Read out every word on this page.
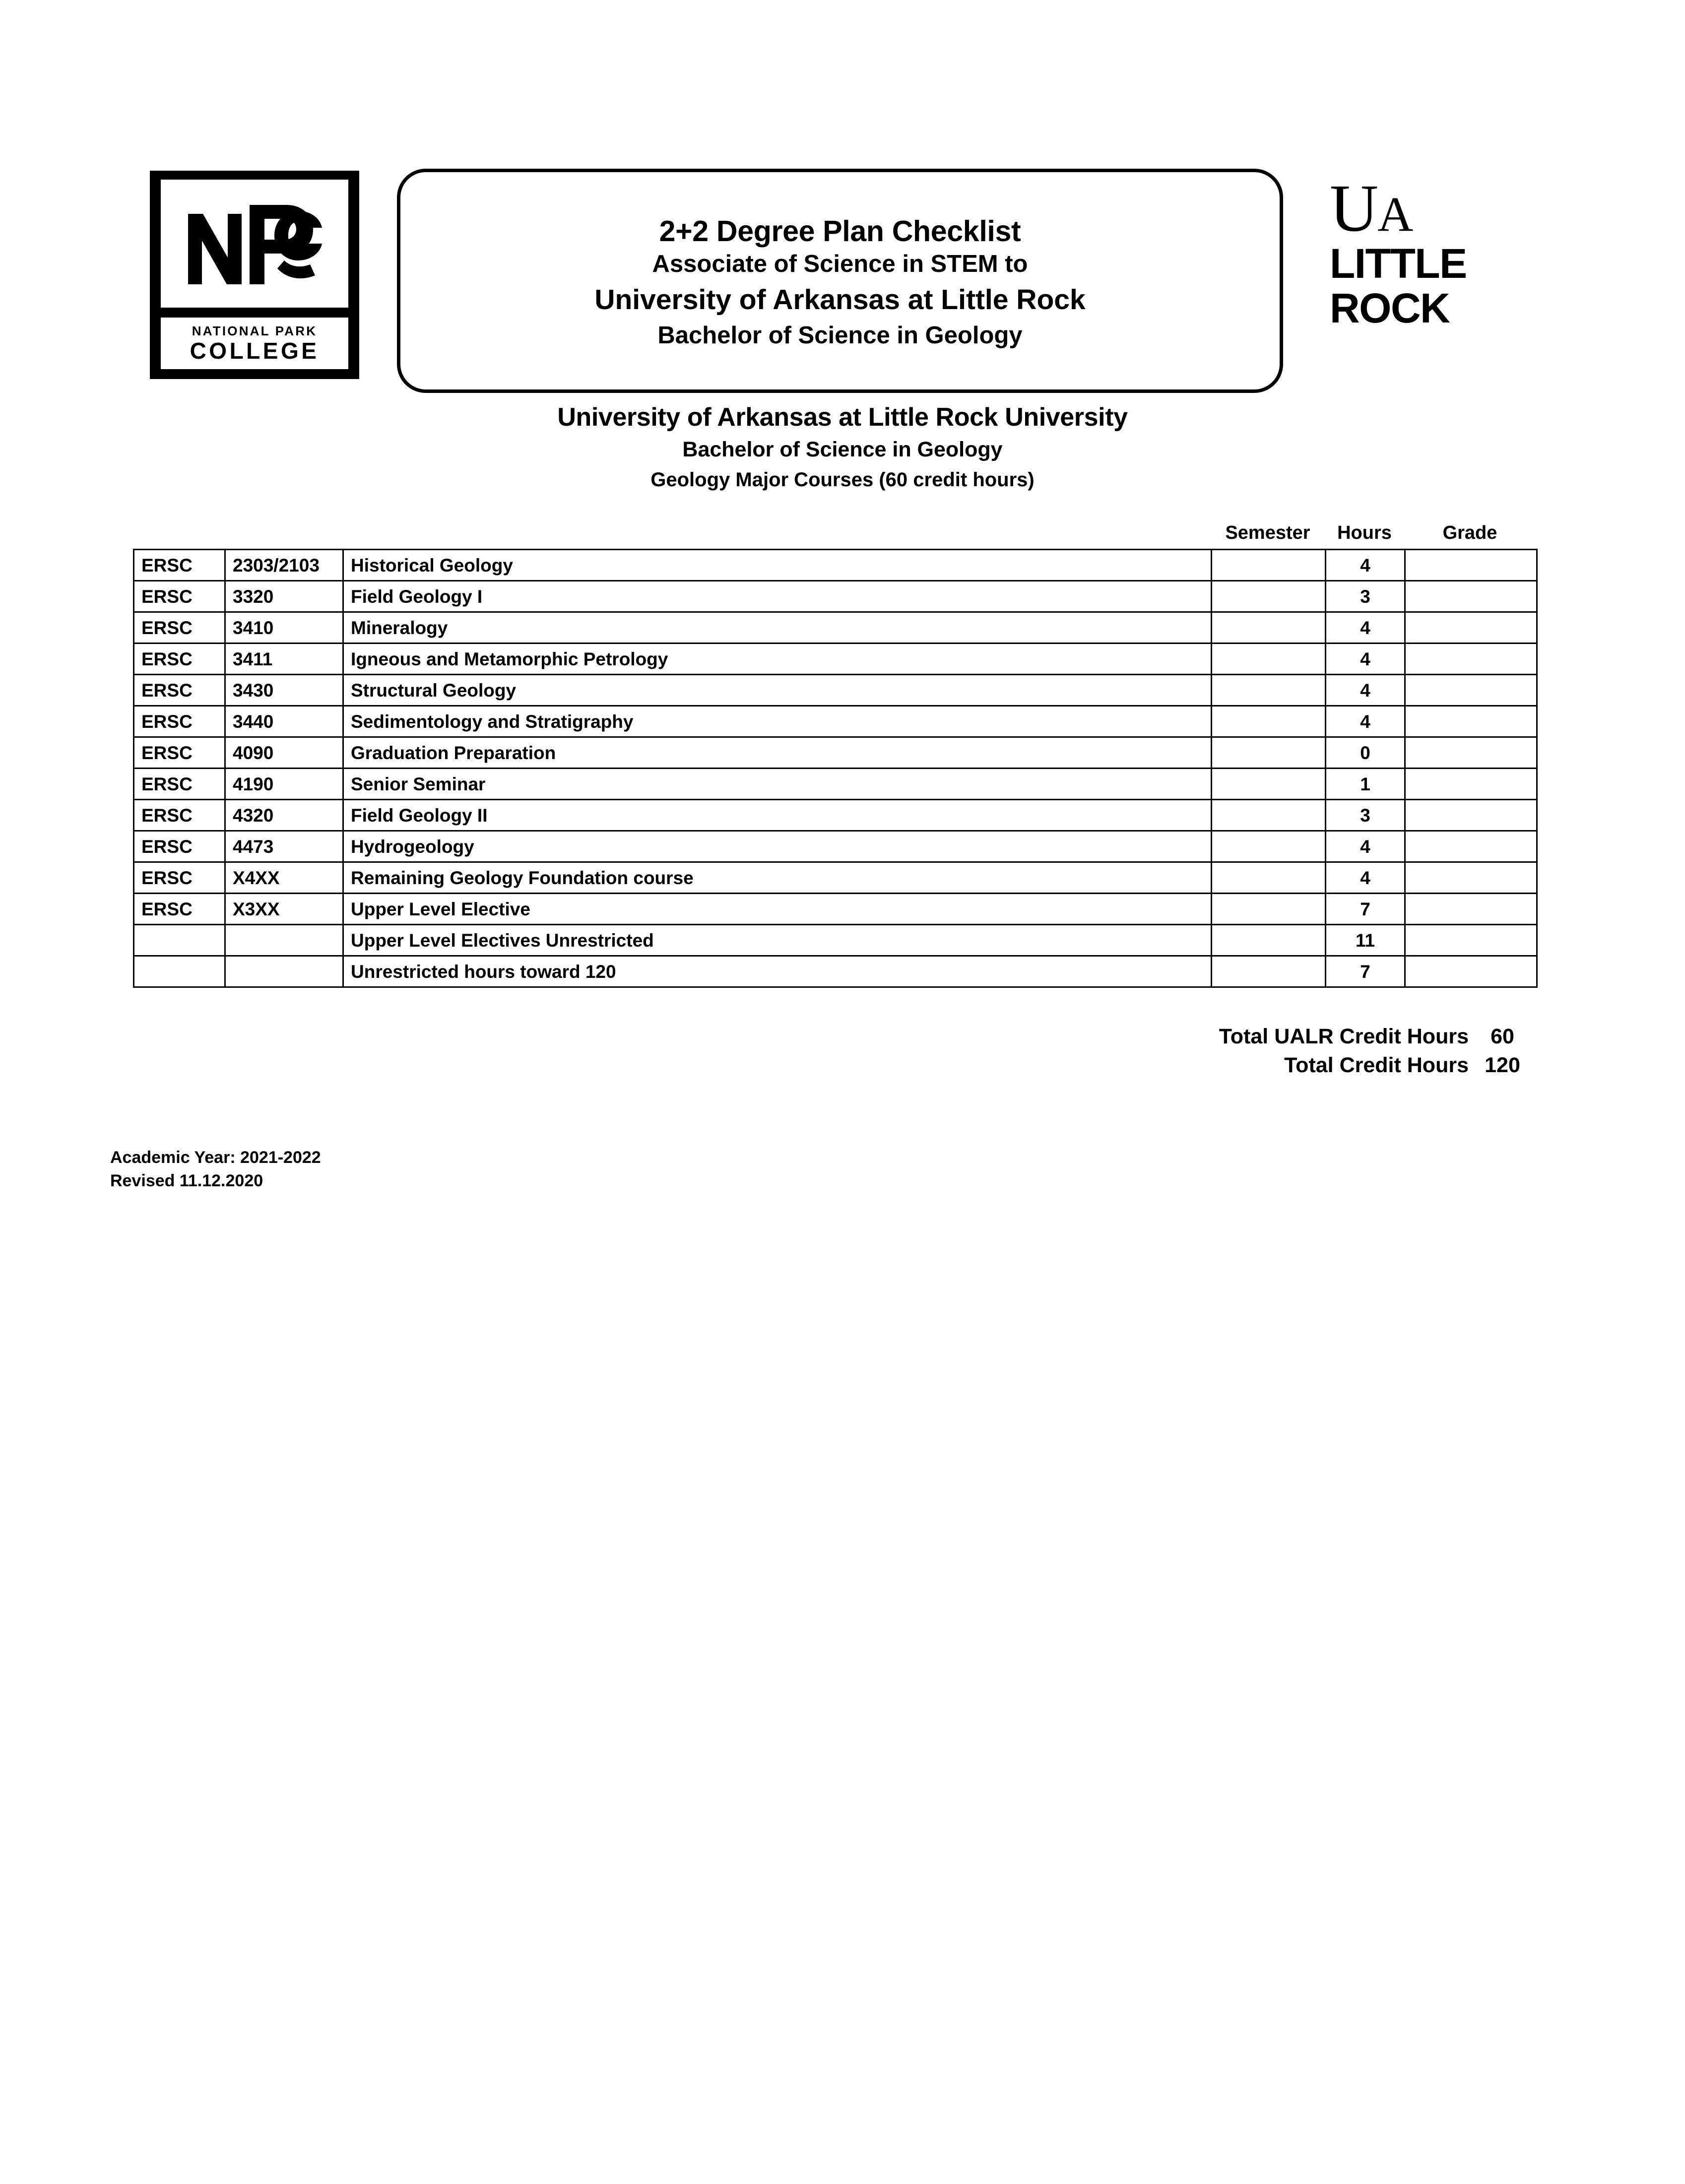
NATIONAL PARK
COLLEGE
2+2 Degree Plan Checklist
Associate of Science in STEM to
University of Arkansas at Little Rock
Bachelor of Science in Geology
UA
LITTLE
ROCK
University of Arkansas at Little Rock University
Bachelor of Science in Geology
Geology Major Courses (60 credit hours)
Semester	Hours	Grade
ERSC	2303/2103	Historical Geology		4	
ERSC	3320	Field Geology I		3	
ERSC	3410	Mineralogy		4	
ERSC	3411	Igneous and Metamorphic Petrology		4	
ERSC	3430	Structural Geology		4	
ERSC	3440	Sedimentology and Stratigraphy		4	
ERSC	4090	Graduation Preparation		0	
ERSC	4190	Senior Seminar		1	
ERSC	4320	Field Geology II		3	
ERSC	4473	Hydrogeology		4	
ERSC	X4XX	Remaining Geology Foundation course		4	
ERSC	X3XX	Upper Level Elective		7	
		Upper Level Electives Unrestricted		11	
		Unrestricted hours toward 120		7	
Total UALR Credit Hours	60
Total Credit Hours 120
Academic Year: 2021-2022
Revised 11.12.2020
